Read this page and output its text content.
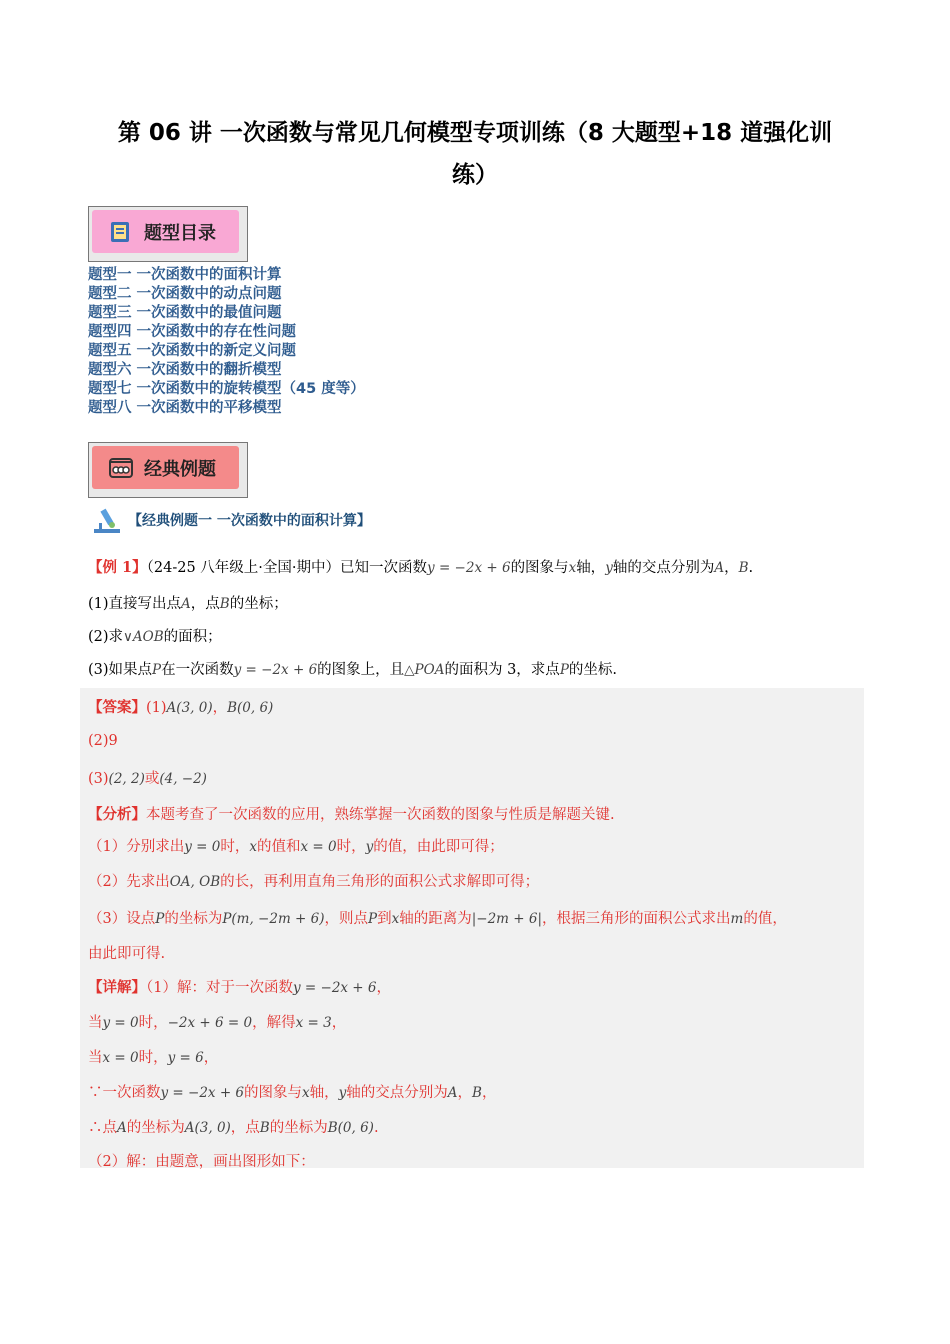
第 06 讲 一次函数与常见几何模型专项训练（8 大题型+18 道强化训
练）
题型目录
题型一 一次函数中的面积计算
题型二 一次函数中的动点问题
题型三 一次函数中的最值问题
题型四 一次函数中的存在性问题
题型五 一次函数中的新定义问题
题型六 一次函数中的翻折模型
题型七 一次函数中的旋转模型（45 度等）
题型八 一次函数中的平移模型
经典例题
【经典例题一 一次函数中的面积计算】
【例 1】（24-25 八年级上·全国·期中）已知一次函数y = −2x + 6的图象与x轴，y轴的交点分别为A，B.
(1)直接写出点A，点B的坐标；
(2)求∨AOB的面积；
(3)如果点P在一次函数y = −2x + 6的图象上，且△POA的面积为 3，求点P的坐标.
【答案】(1)A(3, 0)，B(0, 6)
(2)9
(3)(2, 2)或(4, −2)
【分析】本题考查了一次函数的应用，熟练掌握一次函数的图象与性质是解题关键.
（1）分别求出y = 0时，x的值和x = 0时，y的值，由此即可得；
（2）先求出OA, OB的长，再利用直角三角形的面积公式求解即可得；
（3）设点P的坐标为P(m, −2m + 6)，则点P到x轴的距离为|−2m + 6|，根据三角形的面积公式求出m的值，
由此即可得.
【详解】（1）解：对于一次函数y = −2x + 6，
当y = 0时，−2x + 6 = 0，解得x = 3，
当x = 0时，y = 6，
∵一次函数y = −2x + 6的图象与x轴，y轴的交点分别为A，B，
∴点A的坐标为A(3, 0)，点B的坐标为B(0, 6).
（2）解：由题意，画出图形如下：
